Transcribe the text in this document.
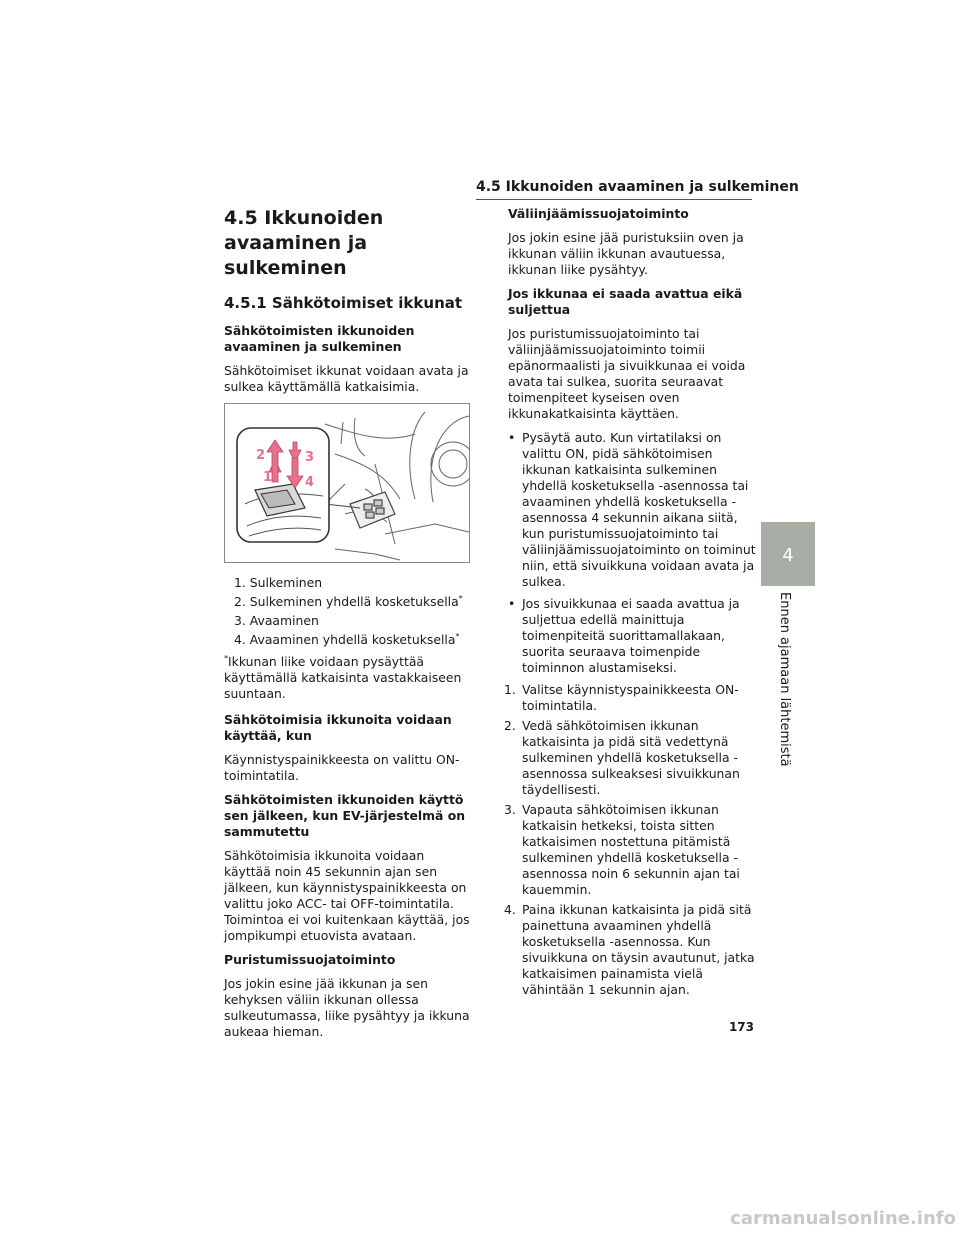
4.5 Ikkunoiden avaaminen ja sulkeminen
4.5 Ikkunoiden avaaminen ja sulkeminen
4.5.1 Sähkötoimiset ikkunat
Sähkötoimisten ikkunoiden avaaminen ja sulkeminen

Sähkötoimiset ikkunat voidaan avata ja sulkea käyttämällä katkaisimia.

1
2	3
4
1. Sulkeminen
2. Sulkeminen yhdellä kosketuksella*
3. Avaaminen
4. Avaaminen yhdellä kosketuksella*

*Ikkunan liike voidaan pysäyttää käyttämällä katkaisinta vastakkaiseen suuntaan.

Sähkötoimisia ikkunoita voidaan käyttää, kun

Käynnistyspainikkeesta on valittu ON-toimintatila.

Sähkötoimisten ikkunoiden käyttö sen jälkeen, kun EV-järjestelmä on sammutettu

Sähkötoimisia ikkunoita voidaan käyttää noin 45 sekunnin ajan sen jälkeen, kun käynnistyspainikkeesta on valittu joko ACC- tai OFF-toimintatila. Toimintoa ei voi kuitenkaan käyttää, jos jompikumpi etuovista avataan.

Puristumissuojatoiminto

Jos jokin esine jää ikkunan ja sen kehyksen väliin ikkunan ollessa sulkeutumassa, liike pysähtyy ja ikkuna aukeaa hieman.

Väliinjäämissuojatoiminto

Jos jokin esine jää puristuksiin oven ja ikkunan väliin ikkunan avautuessa, ikkunan liike pysähtyy.

Jos ikkunaa ei saada avattua eikä suljettua

Jos puristumissuojatoiminto tai väliinjäämissuojatoiminto toimii epänormaalisti ja sivuikkunaa ei voida avata tai sulkea, suorita seuraavat toimenpiteet kyseisen oven ikkunakatkaisinta käyttäen.

• Pysäytä auto. Kun virtatilaksi on valittu ON, pidä sähkötoimisen ikkunan katkaisinta sulkeminen yhdellä kosketuksella -asennossa tai avaaminen yhdellä kosketuksella -asennossa 4 sekunnin aikana siitä, kun puristumissuojatoiminto tai väliinjäämissuojatoiminto on toiminut niin, että sivuikkuna voidaan avata ja sulkea.
• Jos sivuikkunaa ei saada avattua ja suljettua edellä mainittuja toimenpiteitä suorittamallakaan, suorita seuraava toimenpide toiminnon alustamiseksi.
1. Valitse käynnistyspainikkeesta ON-toimintatila.
2. Vedä sähkötoimisen ikkunan katkaisinta ja pidä sitä vedettynä sulkeminen yhdellä kosketuksella -asennossa sulkeaksesi sivuikkunan täydellisesti.
3. Vapauta sähkötoimisen ikkunan katkaisin hetkeksi, toista sitten katkaisimen nostettuna pitämistä sulkeminen yhdellä kosketuksella -asennossa noin 6 sekunnin ajan tai kauemmin.
4. Paina ikkunan katkaisinta ja pidä sitä painettuna avaaminen yhdellä kosketuksella -asennossa. Kun sivuikkuna on täysin avautunut, jatka katkaisimen painamista vielä vähintään 1 sekunnin ajan.
4
Ennen ajamaan lähtemistä
173
carmanualsonline.info
